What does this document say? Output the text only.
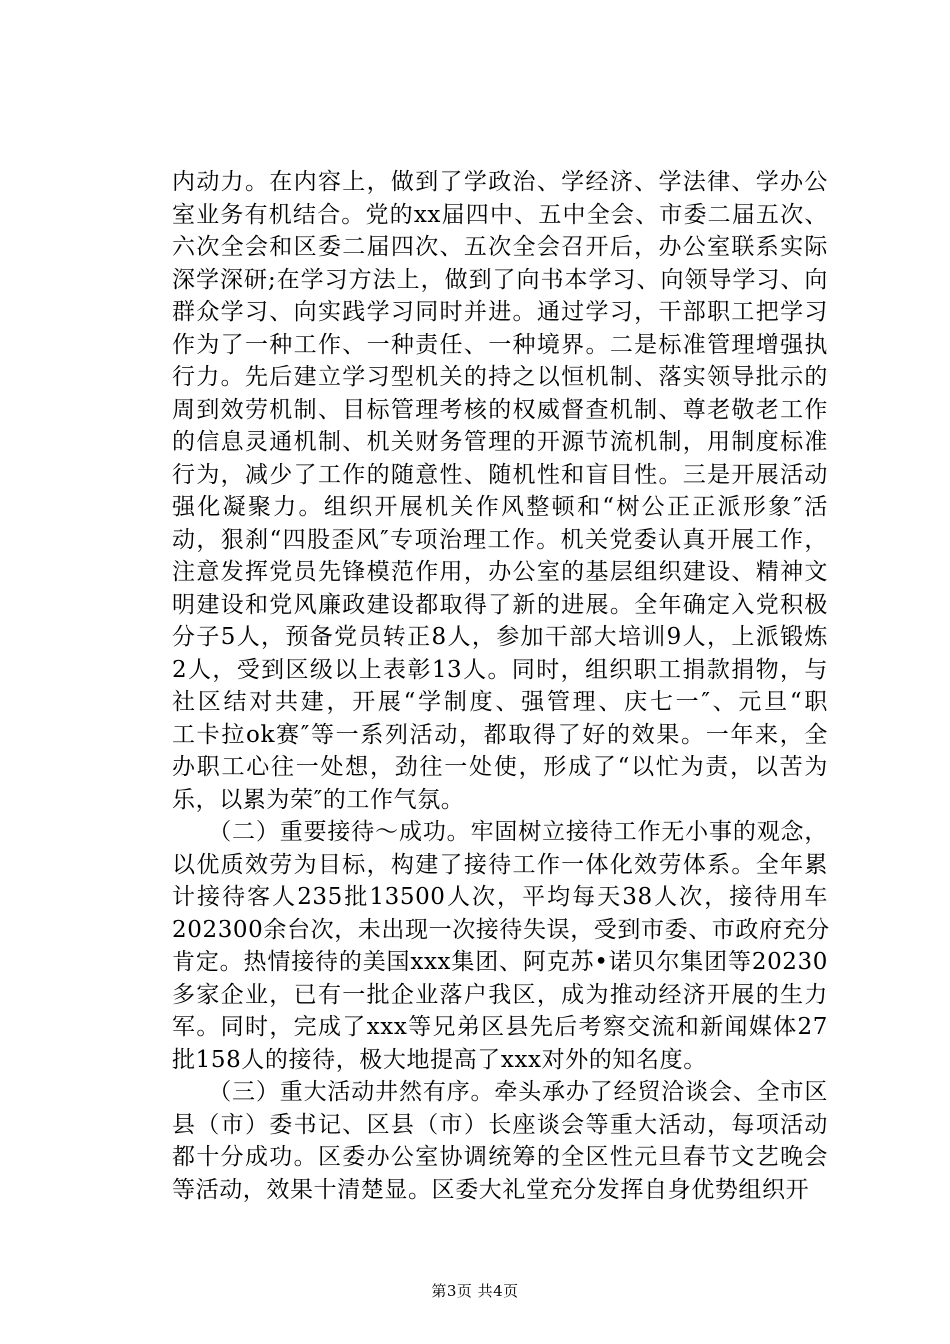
内动力。在内容上，做到了学政治、学经济、学法律、学办公
室业务有机结合。党的xx届四中、五中全会、市委二届五次、
六次全会和区委二届四次、五次全会召开后，办公室联系实际
深学深研;在学习方法上，做到了向书本学习、向领导学习、向
群众学习、向实践学习同时并进。通过学习，干部职工把学习
作为了一种工作、一种责任、一种境界。二是标准管理增强执
行力。先后建立学习型机关的持之以恒机制、落实领导批示的
周到效劳机制、目标管理考核的权威督查机制、尊老敬老工作
的信息灵通机制、机关财务管理的开源节流机制，用制度标准
行为，减少了工作的随意性、随机性和盲目性。三是开展活动
强化凝聚力。组织开展机关作风整顿和“树公正正派形象″活
动，狠刹“四股歪风″专项治理工作。机关党委认真开展工作，
注意发挥党员先锋模范作用，办公室的基层组织建设、精神文
明建设和党风廉政建设都取得了新的进展。全年确定入党积极
分子5人，预备党员转正8人，参加干部大培训9人，上派锻炼
2人，受到区级以上表彰13人。同时，组织职工捐款捐物，与
社区结对共建，开展“学制度、强管理、庆七一″、元旦“职
工卡拉ok赛″等一系列活动，都取得了好的效果。一年来，全
办职工心往一处想，劲往一处使，形成了“以忙为责，以苦为
乐，以累为荣″的工作气氛。
　　（二）重要接待～成功。牢固树立接待工作无小事的观念，
以优质效劳为目标，构建了接待工作一体化效劳体系。全年累
计接待客人235批13500人次，平均每天38人次，接待用车
202300余台次，未出现一次接待失误，受到市委、市政府充分
肯定。热情接待的美国xxx集团、阿克苏•诺贝尔集团等20230
多家企业，已有一批企业落户我区，成为推动经济开展的生力
军。同时，完成了xxx等兄弟区县先后考察交流和新闻媒体27
批158人的接待，极大地提高了xxx对外的知名度。
　　（三）重大活动井然有序。牵头承办了经贸洽谈会、全市区
县（市）委书记、区县（市）长座谈会等重大活动，每项活动
都十分成功。区委办公室协调统筹的全区性元旦春节文艺晚会
等活动，效果十清楚显。区委大礼堂充分发挥自身优势组织开
第3页 共4页
